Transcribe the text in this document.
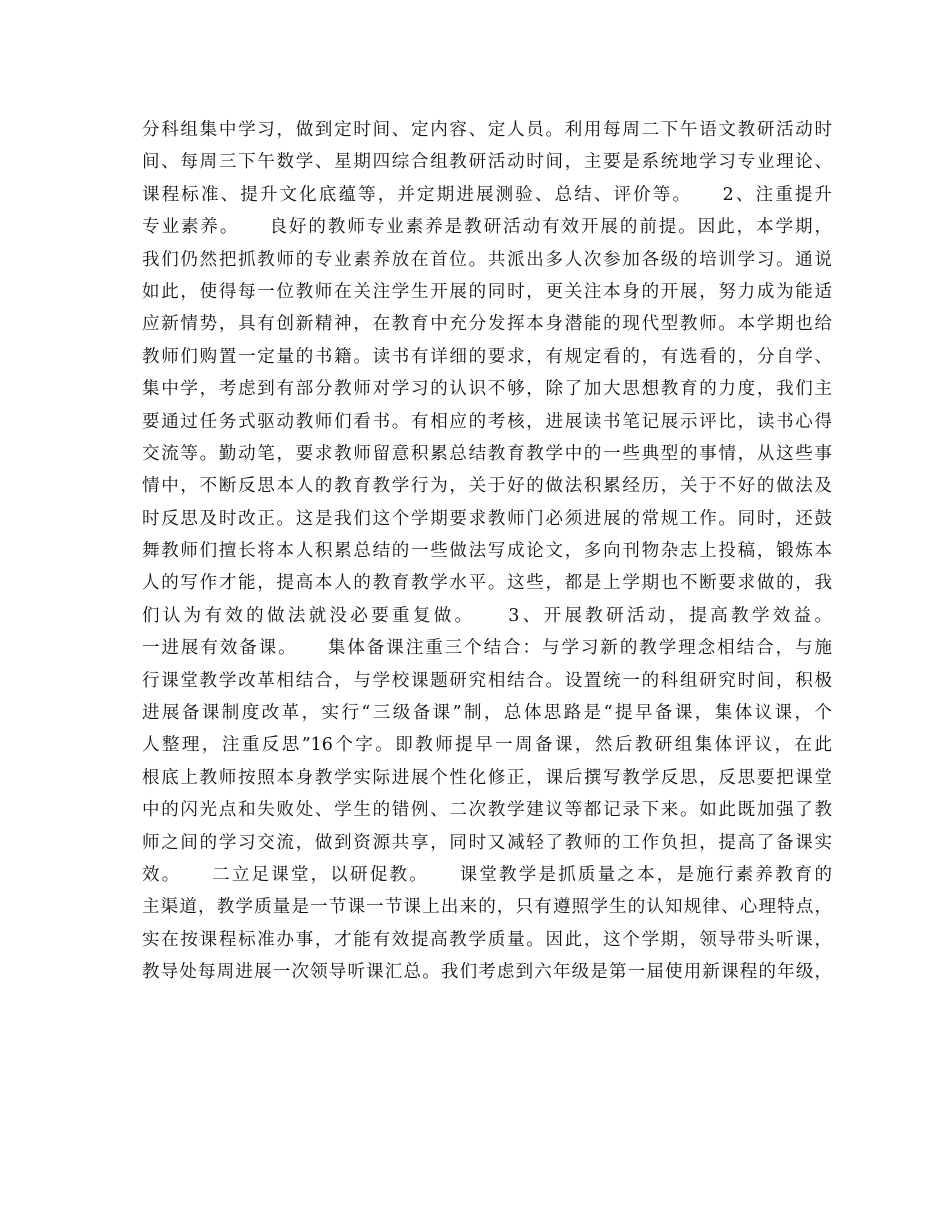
分科组集中学习，做到定时间、定内容、定人员。利用每周二下午语文教研活动时
间、每周三下午数学、星期四综合组教研活动时间，主要是系统地学习专业理论、
课程标准、提升文化底蕴等，并定期进展测验、总结、评价等。　　2、注重提升
专业素养。　　良好的教师专业素养是教研活动有效开展的前提。因此，本学期，
我们仍然把抓教师的专业素养放在首位。共派出多人次参加各级的培训学习。通说
如此，使得每一位教师在关注学生开展的同时，更关注本身的开展，努力成为能适
应新情势，具有创新精神，在教育中充分发挥本身潜能的现代型教师。本学期也给
教师们购置一定量的书籍。读书有详细的要求，有规定看的，有选看的，分自学、
集中学，考虑到有部分教师对学习的认识不够，除了加大思想教育的力度，我们主
要通过任务式驱动教师们看书。有相应的考核，进展读书笔记展示评比，读书心得
交流等。勤动笔，要求教师留意积累总结教育教学中的一些典型的事情，从这些事
情中，不断反思本人的教育教学行为，关于好的做法积累经历，关于不好的做法及
时反思及时改正。这是我们这个学期要求教师门必须进展的常规工作。同时，还鼓
舞教师们擅长将本人积累总结的一些做法写成论文，多向刊物杂志上投稿，锻炼本
人的写作才能，提高本人的教育教学水平。这些，都是上学期也不断要求做的，我
们认为有效的做法就没必要重复做。　　3、开展教研活动，提高教学效益。
一进展有效备课。　　集体备课注重三个结合：与学习新的教学理念相结合，与施
行课堂教学改革相结合，与学校课题研究相结合。设置统一的科组研究时间，积极
进展备课制度改革，实行“三级备课”制，总体思路是“提早备课，集体议课，个
人整理，注重反思”16个字。即教师提早一周备课，然后教研组集体评议，在此
根底上教师按照本身教学实际进展个性化修正，课后撰写教学反思，反思要把课堂
中的闪光点和失败处、学生的错例、二次教学建议等都记录下来。如此既加强了教
师之间的学习交流，做到资源共享，同时又减轻了教师的工作负担，提高了备课实
效。　　二立足课堂，以研促教。　　课堂教学是抓质量之本，是施行素养教育的
主渠道，教学质量是一节课一节课上出来的，只有遵照学生的认知规律、心理特点，
实在按课程标准办事，才能有效提高教学质量。因此，这个学期，领导带头听课，
教导处每周进展一次领导听课汇总。我们考虑到六年级是第一届使用新课程的年级，
